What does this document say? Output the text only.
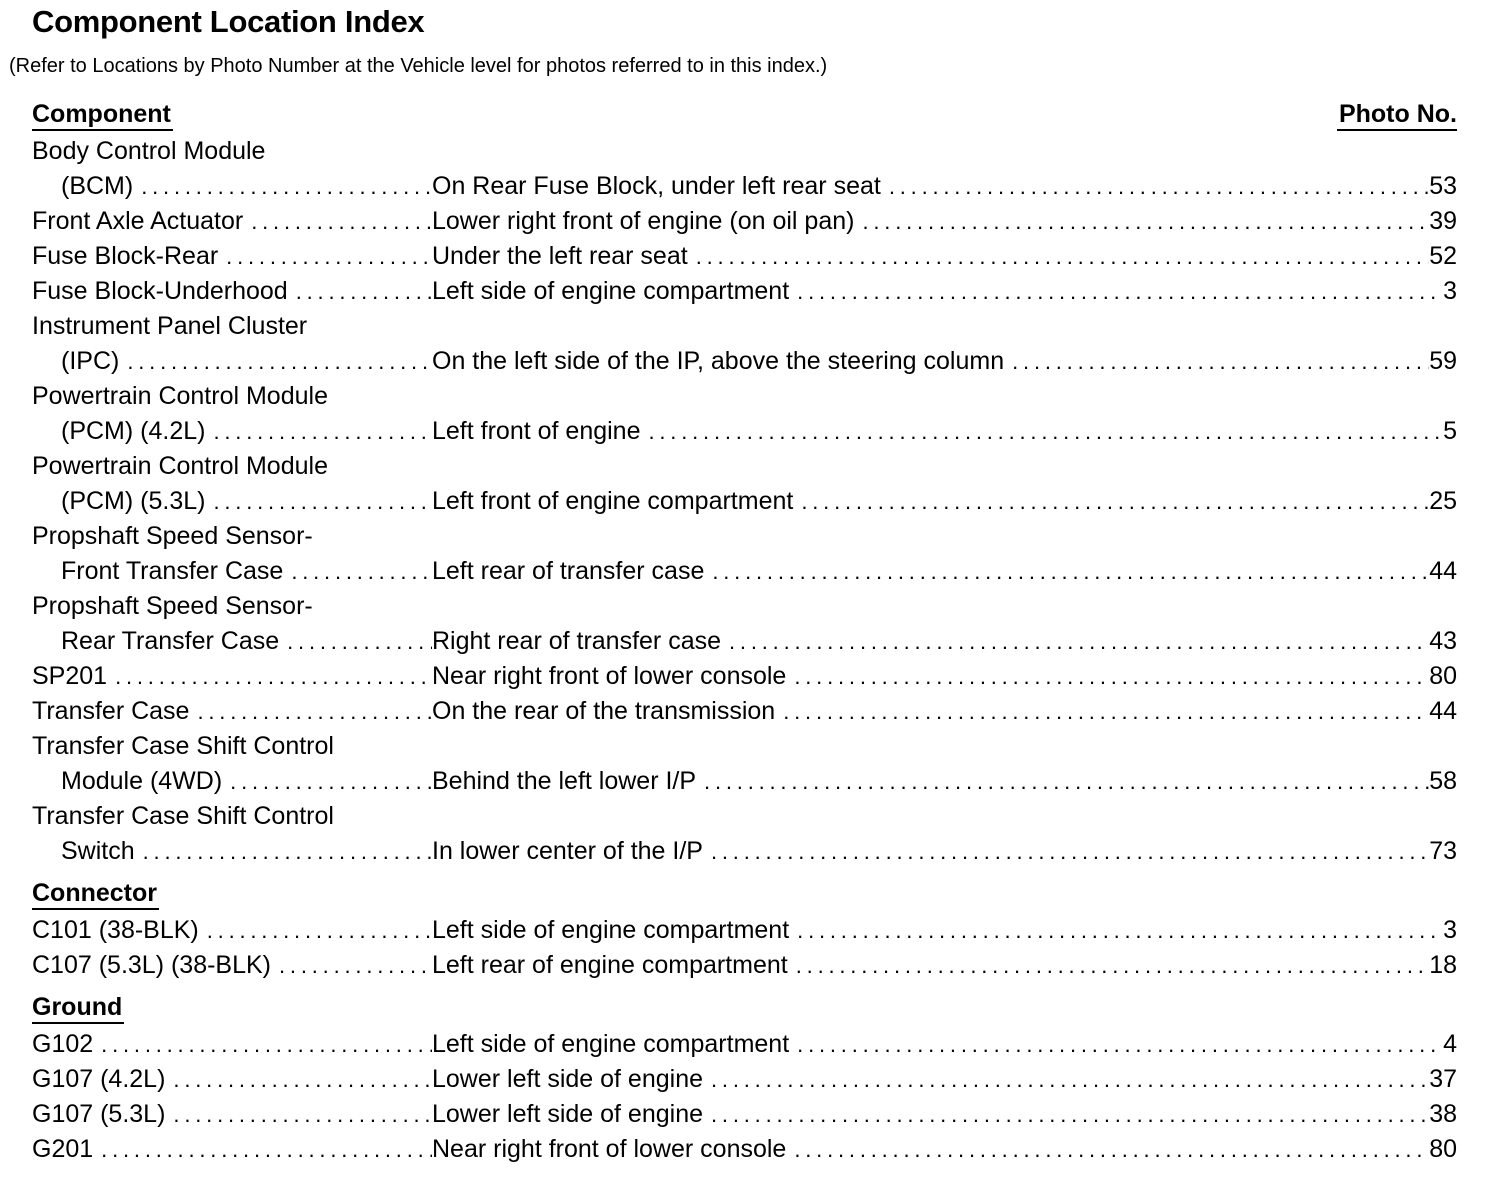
Component Location Index
(Refer to Locations by Photo Number at the Vehicle level for photos referred to in this index.)
Component	Photo No.
Body Control Module
(BCM) .....	On Rear Fuse Block, under left rear seat .....	53
Front Axle Actuator .....	Lower right front of engine (on oil pan) .....	39
Fuse Block-Rear .....	Under the left rear seat .....	52
Fuse Block-Underhood .....	Left side of engine compartment .....	3
Instrument Panel Cluster
(IPC) .....	On the left side of the IP, above the steering column .....	59
Powertrain Control Module
(PCM) (4.2L) .....	Left front of engine .....	5
Powertrain Control Module
(PCM) (5.3L) .....	Left front of engine compartment .....	25
Propshaft Speed Sensor-
Front Transfer Case .....	Left rear of transfer case .....	44
Propshaft Speed Sensor-
Rear Transfer Case .....	Right rear of transfer case .....	43
SP201 .....	Near right front of lower console .....	80
Transfer Case .....	On the rear of the transmission .....	44
Transfer Case Shift Control
Module (4WD) .....	Behind the left lower I/P .....	58
Transfer Case Shift Control
Switch .....	In lower center of the I/P .....	73
Connector
C101 (38-BLK) .....	Left side of engine compartment .....	3
C107 (5.3L) (38-BLK) .....	Left rear of engine compartment .....	18
Ground
G102 .....	Left side of engine compartment .....	4
G107 (4.2L) .....	Lower left side of engine .....	37
G107 (5.3L) .....	Lower left side of engine .....	38
G201 .....	Near right front of lower console .....	80
